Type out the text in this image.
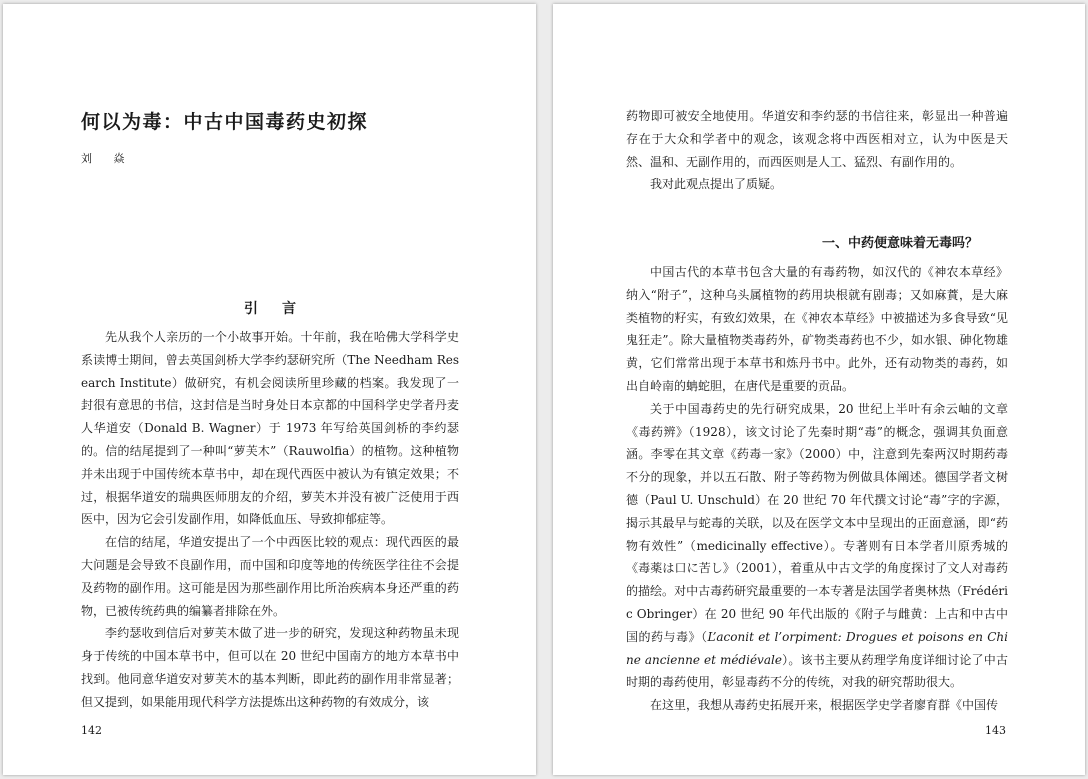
何以为毒：中古中国毒药史初探
刘 焱
引言

先从我个人亲历的一个小故事开始。十年前，我在哈佛大学科学史系读博士期间，曾去英国剑桥大学李约瑟研究所（The Needham Research Institute）做研究，有机会阅读所里珍藏的档案。我发现了一封很有意思的书信，这封信是当时身处日本京都的中国科学史学者丹麦人华道安（Donald B. Wagner）于 1973 年写给英国剑桥的李约瑟的。信的结尾提到了一种叫“萝芙木”（Rauwolfia）的植物。这种植物并未出现于中国传统本草书中，却在现代西医中被认为有镇定效果；不过，根据华道安的瑞典医师朋友的介绍，萝芙木并没有被广泛使用于西医中，因为它会引发副作用，如降低血压、导致抑郁症等。

在信的结尾，华道安提出了一个中西医比较的观点：现代西医的最大问题是会导致不良副作用，而中国和印度等地的传统医学往往不会提及药物的副作用。这可能是因为那些副作用比所治疾病本身还严重的药物，已被传统药典的编纂者排除在外。

李约瑟收到信后对萝芙木做了进一步的研究，发现这种药物虽未现身于传统的中国本草书中，但可以在 20 世纪中国南方的地方本草书中找到。他同意华道安对萝芙木的基本判断，即此药的副作用非常显著；但又提到，如果能用现代科学方法提炼出这种药物的有效成分，该

142

药物即可被安全地使用。华道安和李约瑟的书信往来，彰显出一种普遍存在于大众和学者中的观念，该观念将中西医相对立，认为中医是天然、温和、无副作用的，而西医则是人工、猛烈、有副作用的。

我对此观点提出了质疑。

一、中药便意味着无毒吗？

中国古代的本草书包含大量的有毒药物，如汉代的《神农本草经》纳入“附子”，这种乌头属植物的药用块根就有剧毒；又如麻蕡，是大麻类植物的籽实，有致幻效果，在《神农本草经》中被描述为多食导致“见鬼狂走”。除大量植物类毒药外，矿物类毒药也不少，如水银、砷化物雄黄，它们常常出现于本草书和炼丹书中。此外，还有动物类的毒药，如出自岭南的蚺蛇胆，在唐代是重要的贡品。

关于中国毒药史的先行研究成果，20 世纪上半叶有余云岫的文章《毒药辨》（1928），该文讨论了先秦时期“毒”的概念，强调其负面意涵。李零在其文章《药毒一家》（2000）中，注意到先秦两汉时期药毒不分的现象，并以五石散、附子等药物为例做具体阐述。德国学者文树德（Paul U. Unschuld）在 20 世纪 70 年代撰文讨论“毒”字的字源，揭示其最早与蛇毒的关联，以及在医学文本中呈现出的正面意涵，即“药物有效性”（medicinally effective）。专著则有日本学者川原秀城的《毒薬は口に苦し》（2001），着重从中古文学的角度探讨了文人对毒药的描绘。对中古毒药研究最重要的一本专著是法国学者奥林热（Frédéric Obringer）在 20 世纪 90 年代出版的《附子与雌黄：上古和中古中国的药与毒》（L’aconit et l’orpiment: Drogues et poisons en Chine ancienne et médiévale）。该书主要从药理学角度详细讨论了中古时期的毒药使用，彰显毒药不分的传统，对我的研究帮助很大。

在这里，我想从毒药史拓展开来，根据医学史学者廖育群《中国传

143
